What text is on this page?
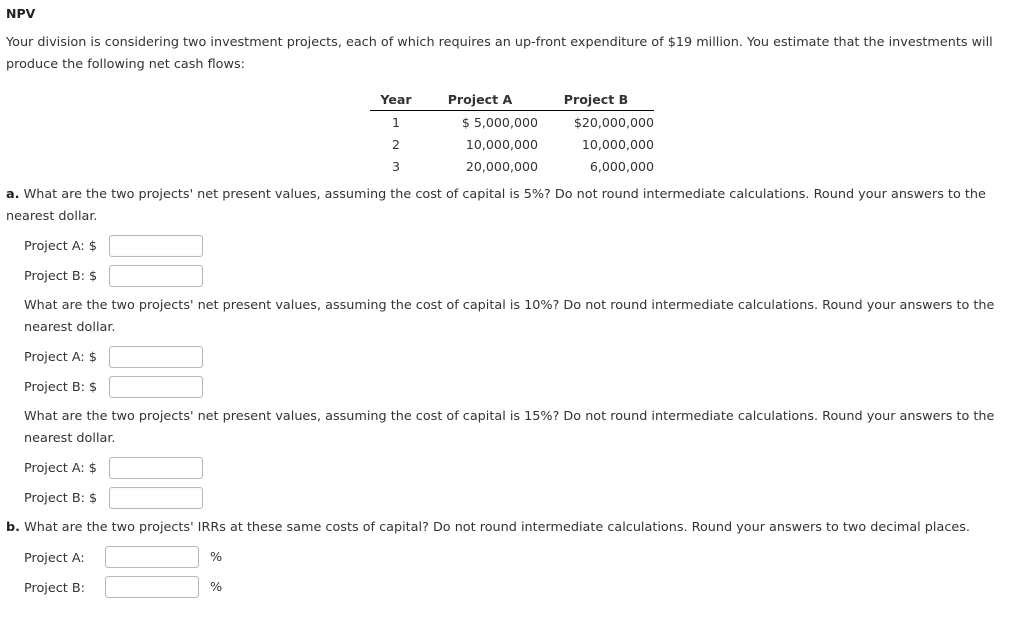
NPV
Your division is considering two investment projects, each of which requires an up-front expenditure of $19 million. You estimate that the investments will produce the following net cash flows:
Year	Project A	Project B
1	$ 5,000,000	$20,000,000
2	10,000,000	10,000,000
3	20,000,000	6,000,000
a. What are the two projects' net present values, assuming the cost of capital is 5%? Do not round intermediate calculations. Round your answers to the nearest dollar.
Project A: $
Project B: $
What are the two projects' net present values, assuming the cost of capital is 10%? Do not round intermediate calculations. Round your answers to the nearest dollar.
Project A: $
Project B: $
What are the two projects' net present values, assuming the cost of capital is 15%? Do not round intermediate calculations. Round your answers to the nearest dollar.
Project A: $
Project B: $
b. What are the two projects' IRRs at these same costs of capital? Do not round intermediate calculations. Round your answers to two decimal places.
Project A:	%
Project B:	%
